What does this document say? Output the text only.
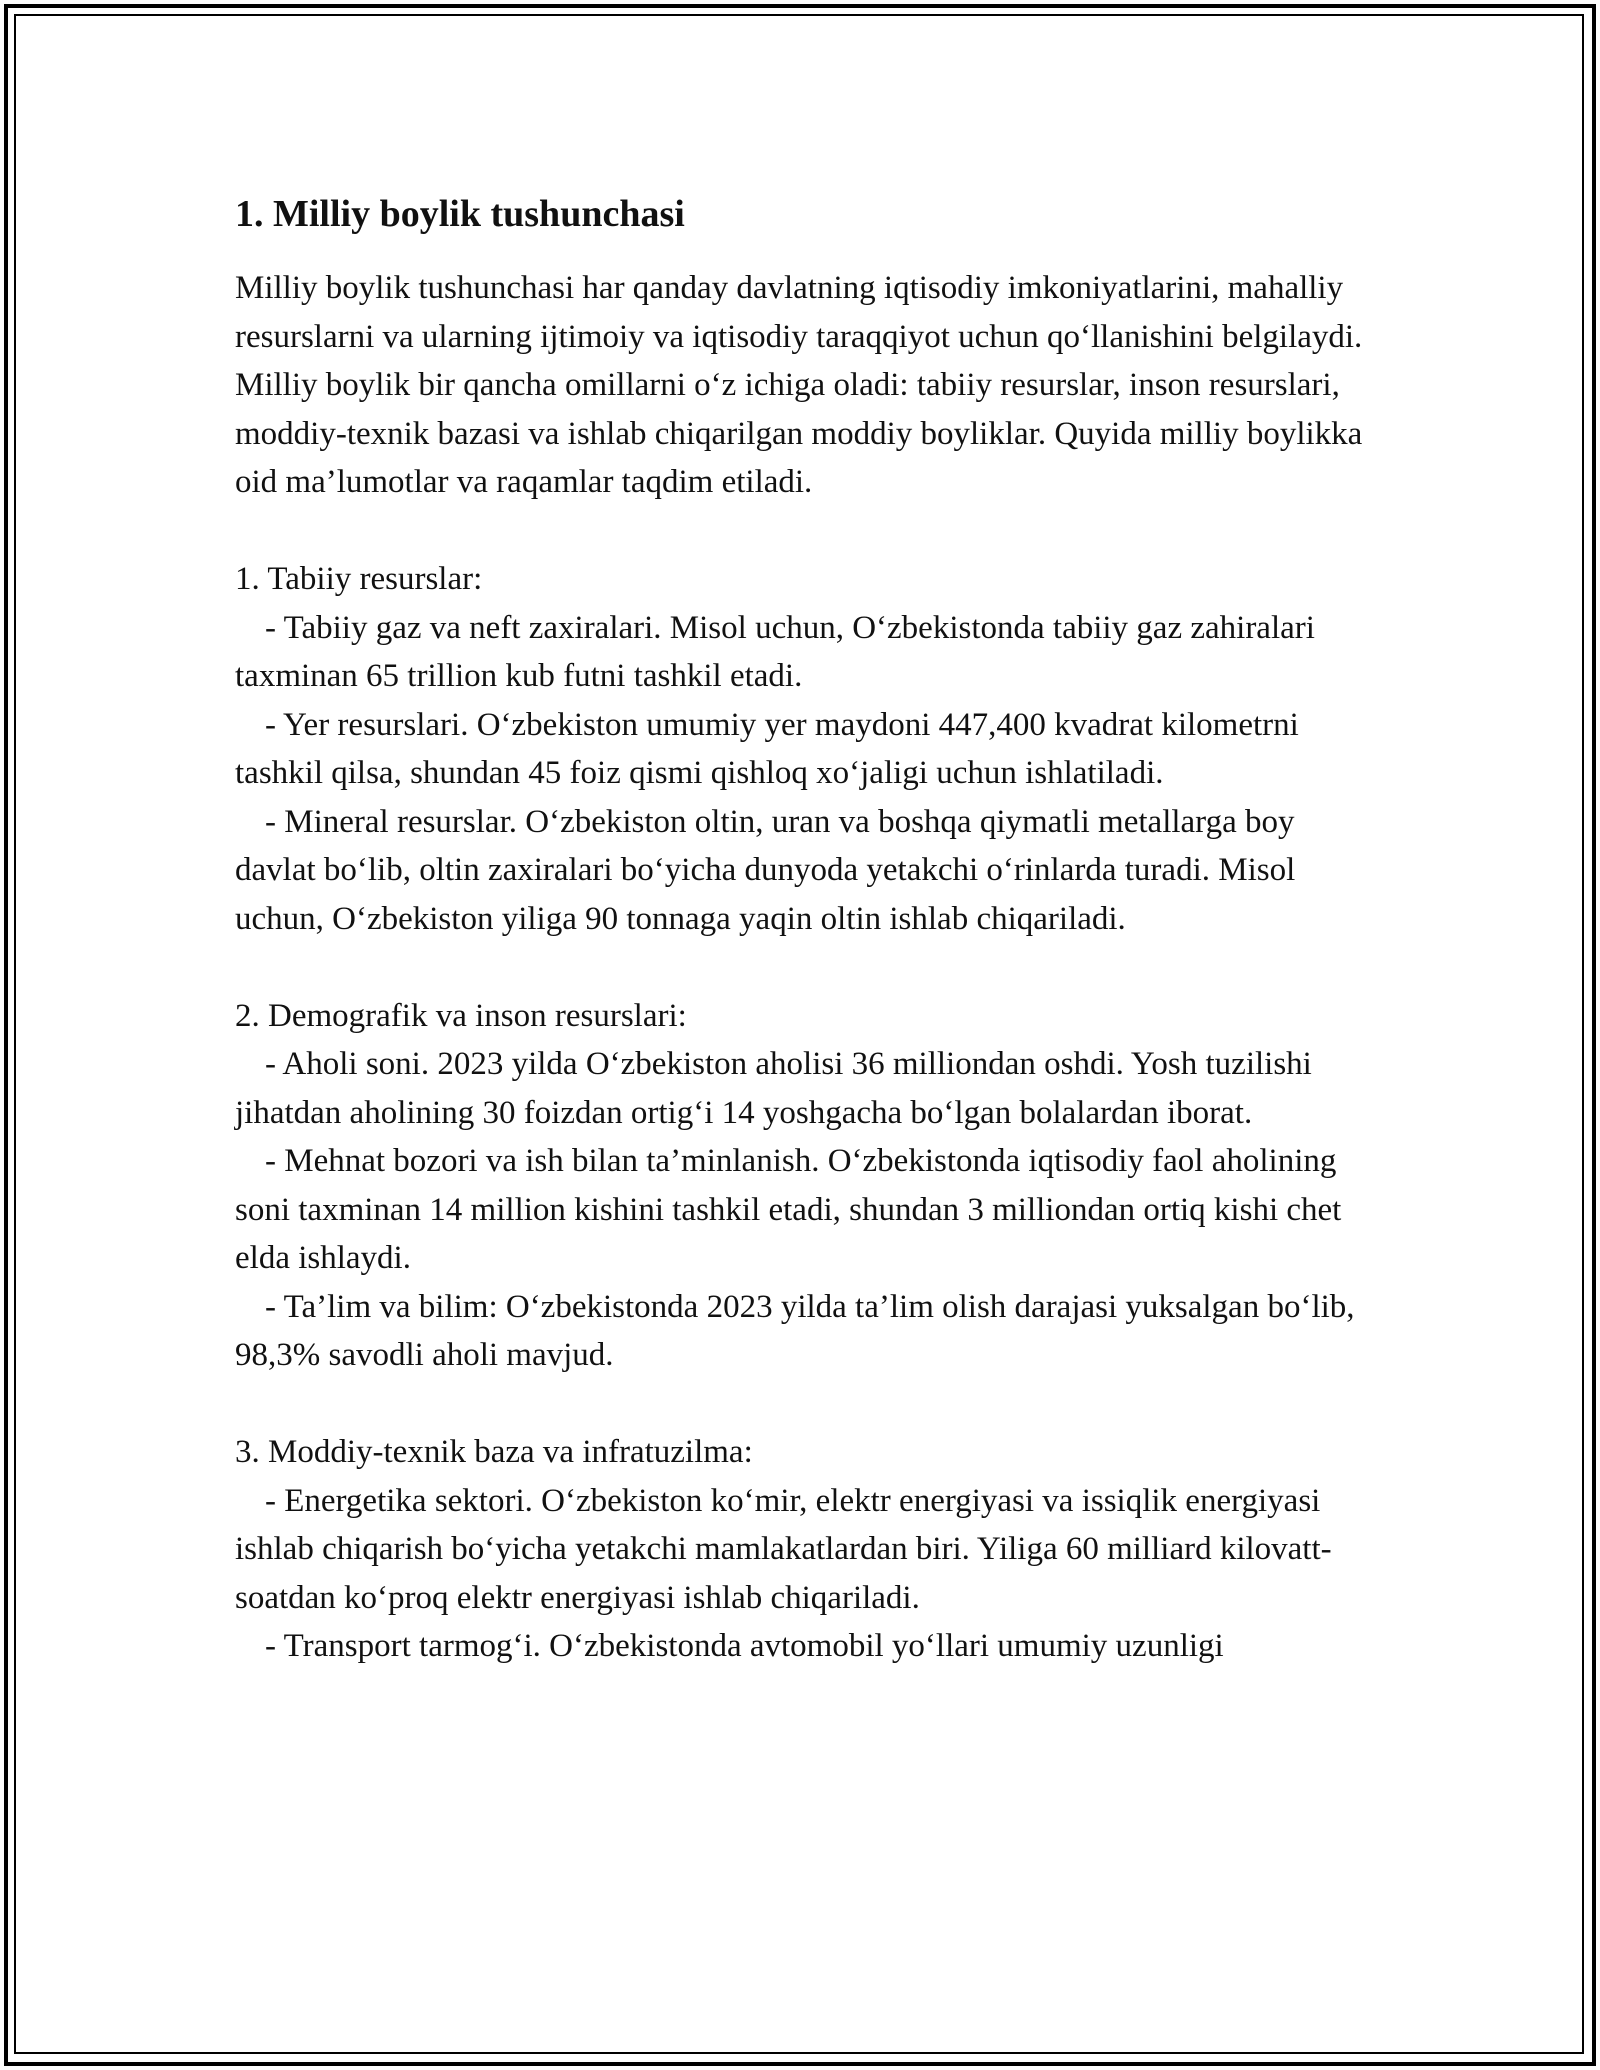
1. Milliy boylik tushunchasi

Milliy boylik tushunchasi har qanday davlatning iqtisodiy imkoniyatlarini, mahalliy resurslarni va ularning ijtimoiy va iqtisodiy taraqqiyot uchun qo‘llanishini belgilaydi. Milliy boylik bir qancha omillarni o‘z ichiga oladi: tabiiy resurslar, inson resurslari, moddiy-texnik bazasi va ishlab chiqarilgan moddiy boyliklar. Quyida milliy boylikka oid ma’lumotlar va raqamlar taqdim etiladi.

1. Tabiiy resurslar:

- Tabiiy gaz va neft zaxiralari. Misol uchun, O‘zbekistonda tabiiy gaz zahiralari taxminan 65 trillion kub futni tashkil etadi.

- Yer resurslari. O‘zbekiston umumiy yer maydoni 447,400 kvadrat kilometrni tashkil qilsa, shundan 45 foiz qismi qishloq xo‘jaligi uchun ishlatiladi.

- Mineral resurslar. O‘zbekiston oltin, uran va boshqa qiymatli metallarga boy davlat bo‘lib, oltin zaxiralari bo‘yicha dunyoda yetakchi o‘rinlarda turadi. Misol uchun, O‘zbekiston yiliga 90 tonnaga yaqin oltin ishlab chiqariladi.

2. Demografik va inson resurslari:

- Aholi soni. 2023 yilda O‘zbekiston aholisi 36 milliondan oshdi. Yosh tuzilishi jihatdan aholining 30 foizdan ortig‘i 14 yoshgacha bo‘lgan bolalardan iborat.

- Mehnat bozori va ish bilan ta’minlanish. O‘zbekistonda iqtisodiy faol aholining soni taxminan 14 million kishini tashkil etadi, shundan 3 milliondan ortiq kishi chet elda ishlaydi.

- Ta’lim va bilim: O‘zbekistonda 2023 yilda ta’lim olish darajasi yuksalgan bo‘lib, 98,3% savodli aholi mavjud.

3. Moddiy-texnik baza va infratuzilma:

- Energetika sektori. O‘zbekiston ko‘mir, elektr energiyasi va issiqlik energiyasi ishlab chiqarish bo‘yicha yetakchi mamlakatlardan biri. Yiliga 60 milliard kilovatt-soatdan ko‘proq elektr energiyasi ishlab chiqariladi.

- Transport tarmog‘i. O‘zbekistonda avtomobil yo‘llari umumiy uzunligi
